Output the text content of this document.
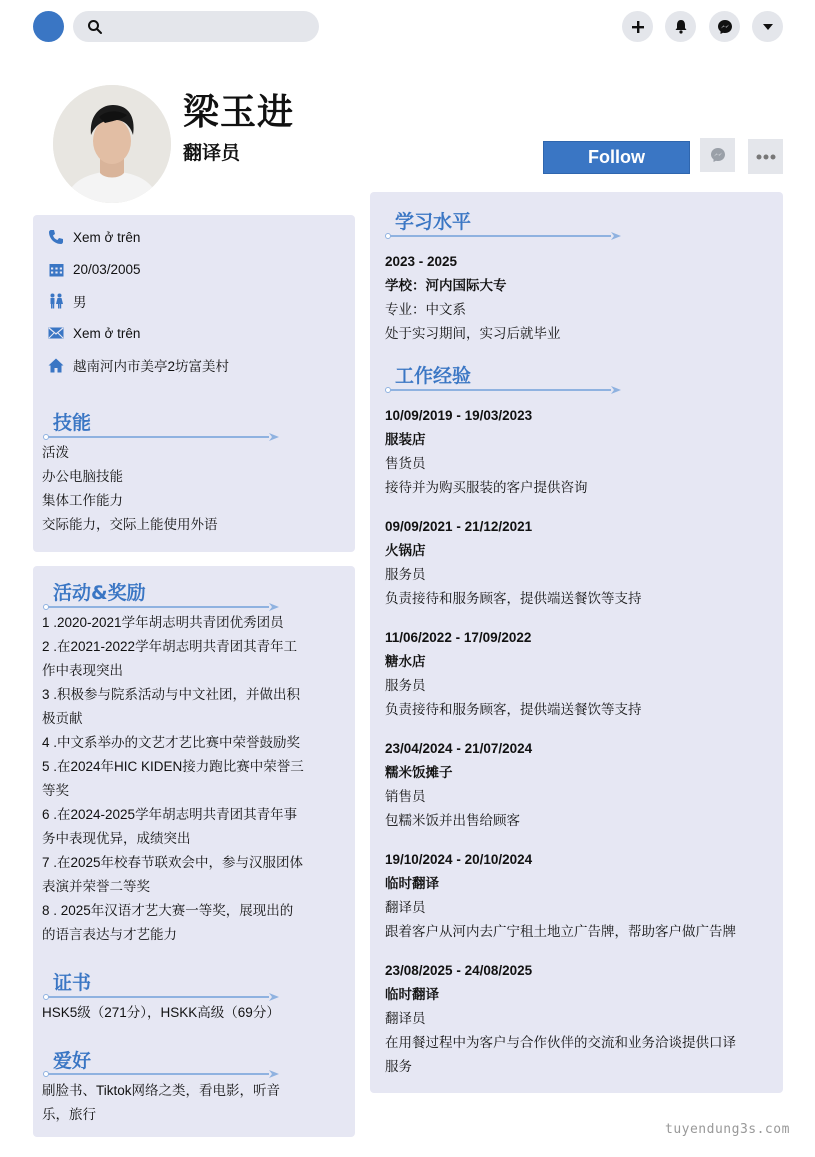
梁玉进
翻译员	Follow
Xem ở trên
20/03/2005
男
Xem ở trên
越南河内市美亭2坊富美村
技能
活泼
办公电脑技能
集体工作能力
交际能力，交际上能使用外语
活动&奖励
1 .2020-2021学年胡志明共青团优秀团员
2 .在2021-2022学年胡志明共青团其青年工
作中表现突出
3 .积极参与院系活动与中文社团，并做出积
极贡献
4 .中文系举办的文艺才艺比赛中荣誉鼓励奖
5 .在2024年HIC KIDEN接力跑比赛中荣誉三
等奖
6 .在2024-2025学年胡志明共青团其青年事
务中表现优异，成绩突出
7 .在2025年校春节联欢会中，参与汉服团体
表演并荣誉二等奖
8 . 2025年汉语才艺大赛一等奖，展现出的
的语言表达与才艺能力
证书
HSK5级（271分），HSKK高级（69分）
爱好
刷脸书、Tiktok网络之类，看电影，听音
乐，旅行
学习水平
2023 - 2025
学校：河内国际大专
专业：中文系
处于实习期间，实习后就毕业
工作经验
10/09/2019 - 19/03/2023
服装店
售货员
接待并为购买服装的客户提供咨询
09/09/2021 - 21/12/2021
火锅店
服务员
负责接待和服务顾客，提供端送餐饮等支持
11/06/2022 - 17/09/2022
糖水店
服务员
负责接待和服务顾客，提供端送餐饮等支持
23/04/2024 - 21/07/2024
糯米饭摊子
销售员
包糯米饭并出售给顾客
19/10/2024 - 20/10/2024
临时翻译
翻译员
跟着客户从河内去广宁租土地立广告牌，帮助客户做广告牌
23/08/2025 - 24/08/2025
临时翻译
翻译员
在用餐过程中为客户与合作伙伴的交流和业务洽谈提供口译
服务
tuyendung3s.com
